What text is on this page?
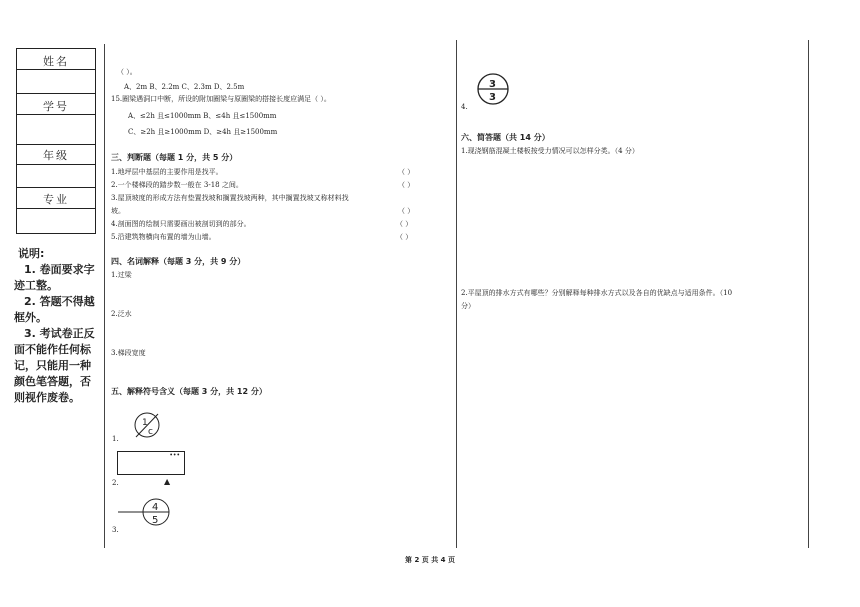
姓名
学号
年级
专业

说明:

1. 卷面要求字迹工整。

2. 答题不得越框外。

3. 考试卷正反面不能作任何标记，只能用一种颜色笔答题，否则视作废卷。

（ ）。
A、2m B、2.2m C、2.3m D、2.5m
15.圈梁遇洞口中断，所设的附加圈梁与原圈梁的搭接长度应满足（ ）。
A、≤2h 且≤1000mm B、≤4h 且≤1500mm
C、≥2h 且≥1000mm D、≥4h 且≥1500mm
三、判断题（每题 1 分，共 5 分）
1.地坪层中基层的主要作用是找平。	（ ）
2.一个楼梯段的踏步数一般在 3-18 之间。	（ ）
3.屋顶坡度的形成方法有垫置找坡和搁置找坡两种，其中搁置找坡又称材料找
坡。	（ ）
4.剖面图的绘制只需要画出被剖切到的部分。	（ ）
5.沿建筑物横向布置的墙为山墙。	（ ）
四、名词解释（每题 3 分，共 9 分）
1.过梁
2.泛水
3.梯段宽度
五、解释符号含义（每题 3 分，共 12 分）
1
c
1.
•••
2.	▲
4
5
3.
3
3
4.
六、简答题（共 14 分）
1.现浇钢筋混凝土楼板按受力情况可以怎样分类。（4 分）
2.平屋顶的排水方式有哪些？分别解释每种排水方式以及各自的优缺点与适用条件。（10
分）
第 2 页 共 4 页
